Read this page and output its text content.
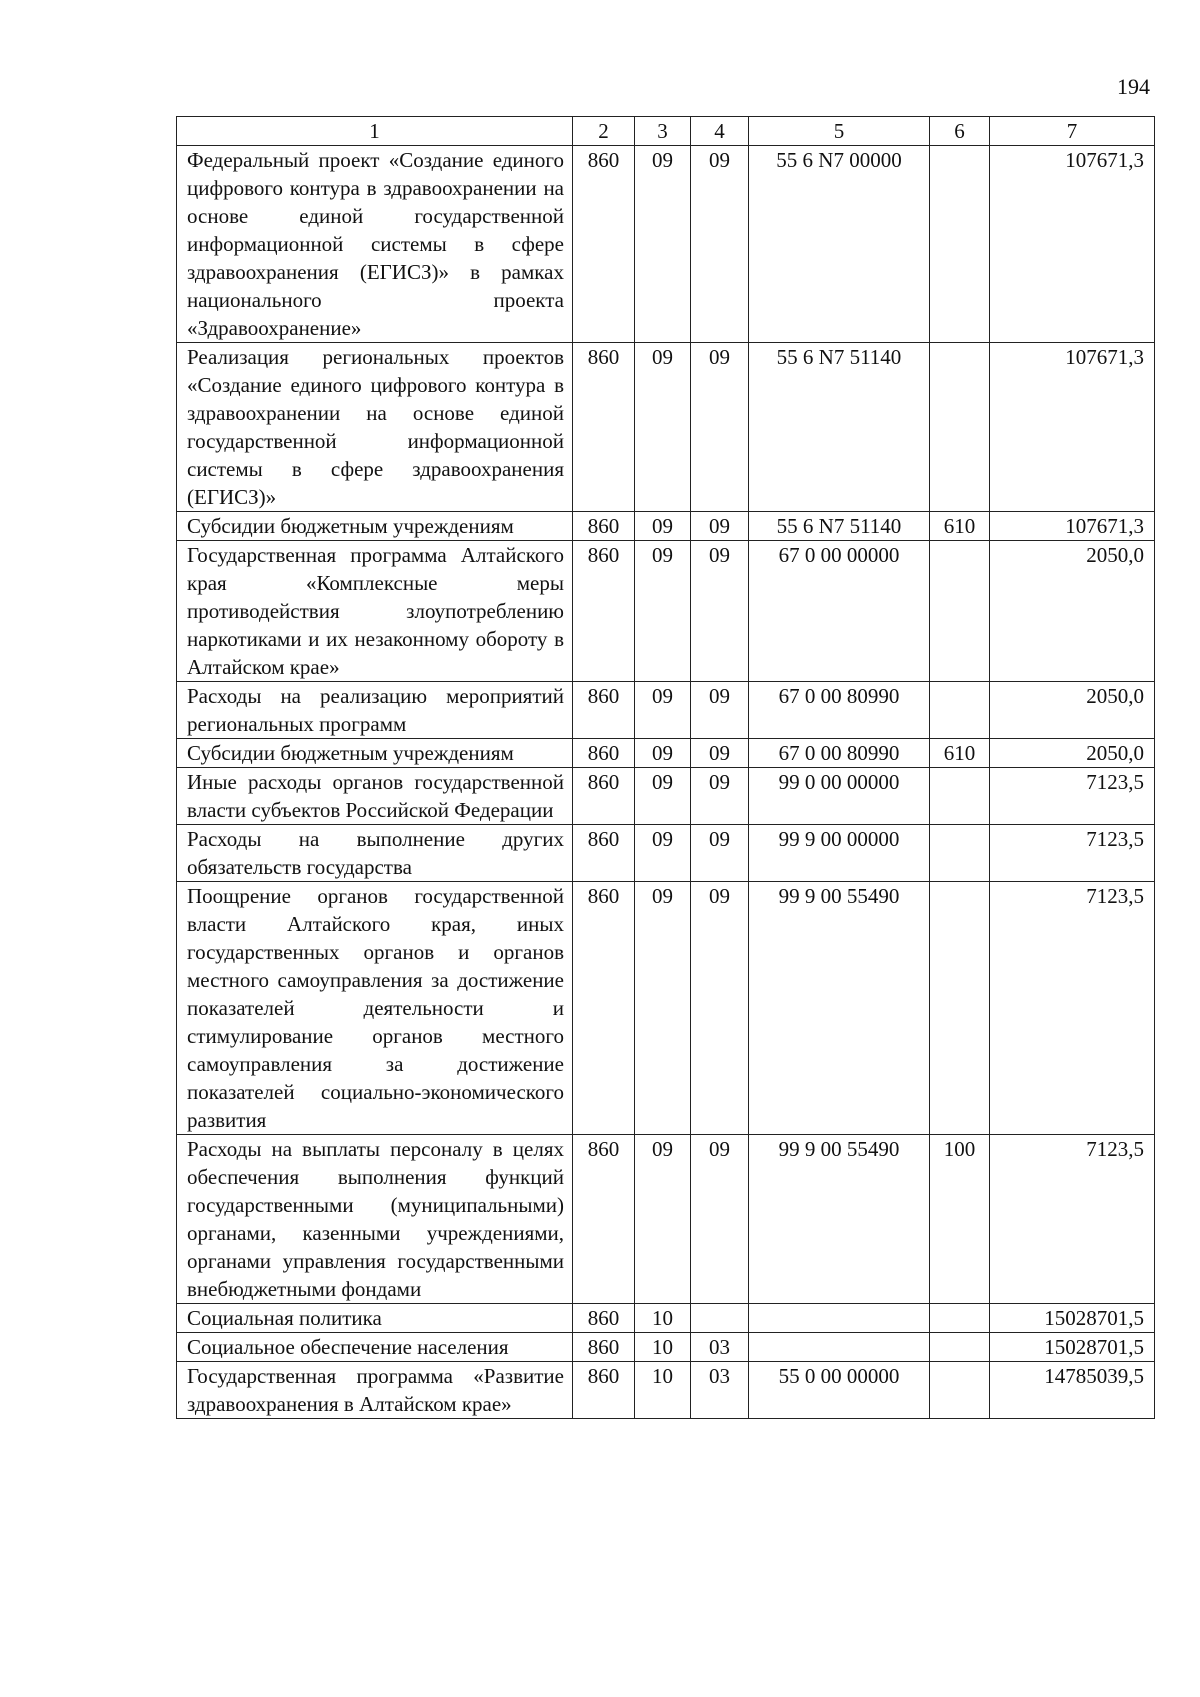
194
1	2	3	4	5	6	7
Федеральный проект «Создание единого цифрового контура в здравоохранении на основе единой государственной информационной системы в сфере здравоохранения (ЕГИСЗ)» в рамках национального проекта «Здравоохранение»	860	09	09	55 6 N7 00000		107671,3
Реализация региональных проектов «Создание единого цифрового контура в здравоохранении на основе единой государственной информационной системы в сфере здравоохранения (ЕГИСЗ)»	860	09	09	55 6 N7 51140		107671,3
Субсидии бюджетным учреждениям	860	09	09	55 6 N7 51140	610	107671,3
Государственная программа Алтайского края «Комплексные меры противодействия злоупотреблению наркотиками и их незаконному обороту в Алтайском крае»	860	09	09	67 0 00 00000		2050,0
Расходы на реализацию мероприятий региональных программ	860	09	09	67 0 00 80990		2050,0
Субсидии бюджетным учреждениям	860	09	09	67 0 00 80990	610	2050,0
Иные расходы органов государственной власти субъектов Российской Федерации	860	09	09	99 0 00 00000		7123,5
Расходы на выполнение других обязательств государства	860	09	09	99 9 00 00000		7123,5
Поощрение органов государственной власти Алтайского края, иных государственных органов и органов местного самоуправления за достижение показателей деятельности и стимулирование органов местного самоуправления за достижение показателей социально-экономического развития	860	09	09	99 9 00 55490		7123,5
Расходы на выплаты персоналу в целях обеспечения выполнения функций государственными (муниципальными) органами, казенными учреждениями, органами управления государственными внебюджетными фондами	860	09	09	99 9 00 55490	100	7123,5
Социальная политика	860	10				15028701,5
Социальное обеспечение населения	860	10	03			15028701,5
Государственная программа «Развитие здравоохранения в Алтайском крае»	860	10	03	55 0 00 00000		14785039,5
